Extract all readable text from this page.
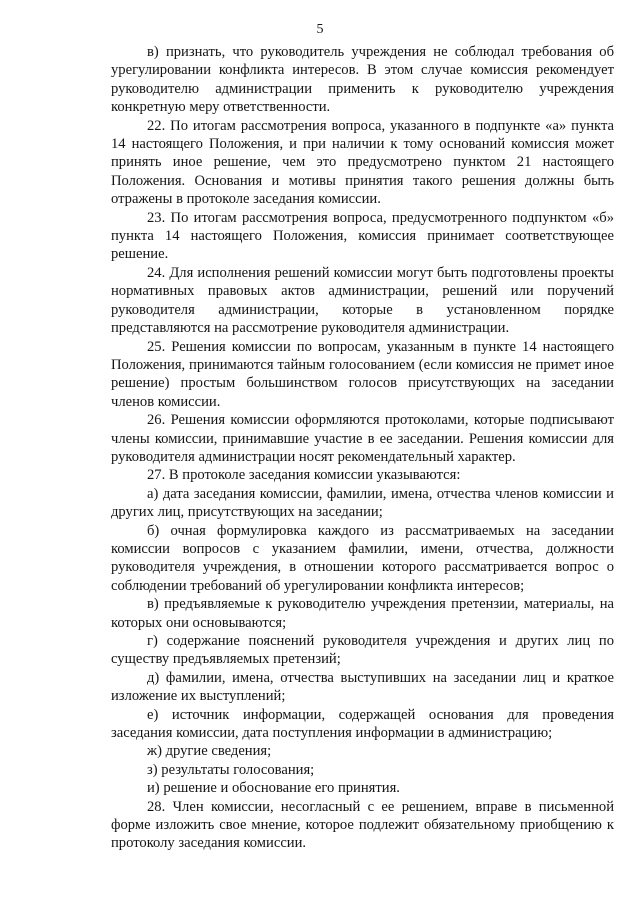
5

в) признать, что руководитель учреждения не соблюдал требования об урегулировании конфликта интересов. В этом случае комиссия рекомендует руководителю администрации применить к руководителю учреждения конкретную меру ответственности.

22. По итогам рассмотрения вопроса, указанного в подпункте «а» пункта 14 настоящего Положения, и при наличии к тому оснований комиссия может принять иное решение, чем это предусмотрено пунктом 21 настоящего Положения. Основания и мотивы принятия такого решения должны быть отражены в протоколе заседания комиссии.

23. По итогам рассмотрения вопроса, предусмотренного подпунктом «б» пункта 14 настоящего Положения, комиссия принимает соответствующее решение.

24. Для исполнения решений комиссии могут быть подготовлены проекты нормативных правовых актов администрации, решений или поручений руководителя администрации, которые в установленном порядке представляются на рассмотрение руководителя администрации.

25. Решения комиссии по вопросам, указанным в пункте 14 настоящего Положения, принимаются тайным голосованием (если комиссия не примет иное решение) простым большинством голосов присутствующих на заседании членов комиссии.

26. Решения комиссии оформляются протоколами, которые подписывают члены комиссии, принимавшие участие в ее заседании. Решения комиссии для руководителя администрации носят рекомендательный характер.

27. В протоколе заседания комиссии указываются:

а) дата заседания комиссии, фамилии, имена, отчества членов комиссии и других лиц, присутствующих на заседании;

б) очная формулировка каждого из рассматриваемых на заседании комиссии вопросов с указанием фамилии, имени, отчества, должности руководителя учреждения, в отношении которого рассматривается вопрос о соблюдении требований об урегулировании конфликта интересов;

в) предъявляемые к руководителю учреждения претензии, материалы, на которых они основываются;

г) содержание пояснений руководителя учреждения и других лиц по существу предъявляемых претензий;

д) фамилии, имена, отчества выступивших на заседании лиц и краткое изложение их выступлений;

е) источник информации, содержащей основания для проведения заседания комиссии, дата поступления информации в администрацию;

ж) другие сведения;

з) результаты голосования;

и) решение и обоснование его принятия.

28. Член комиссии, несогласный с ее решением, вправе в письменной форме изложить свое мнение, которое подлежит обязательному приобщению к протоколу заседания комиссии.
